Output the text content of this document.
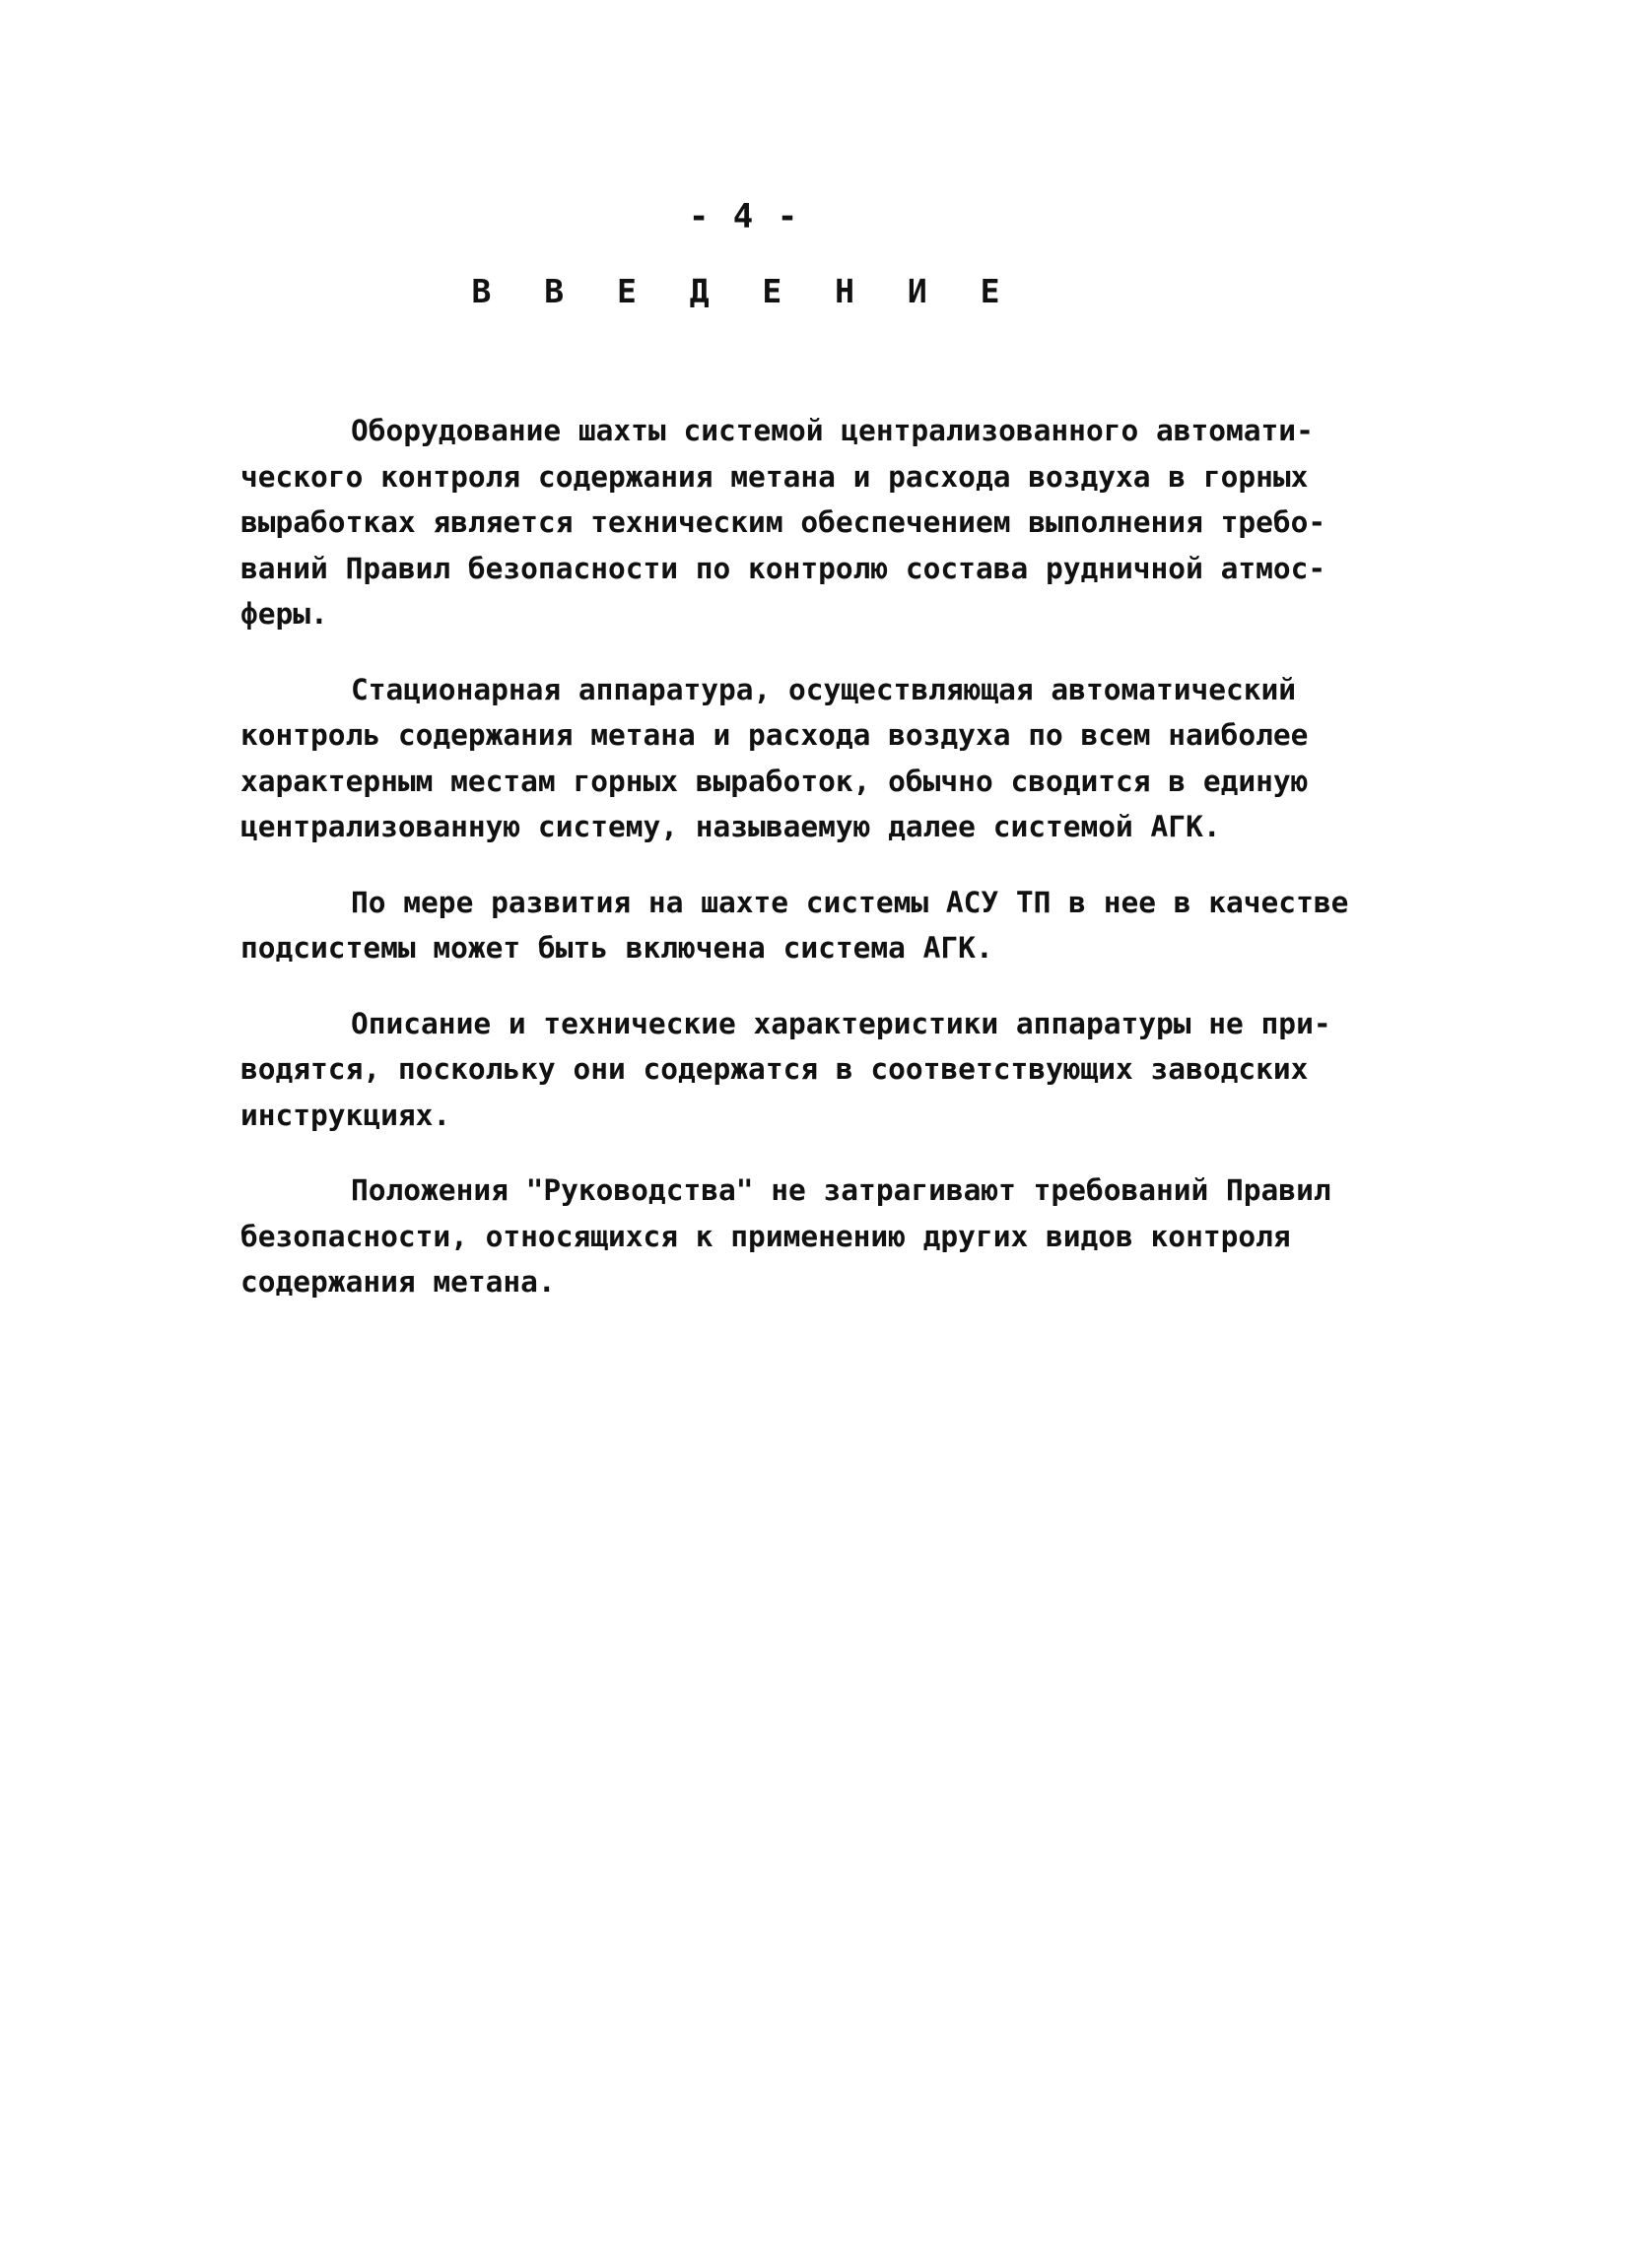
- 4 -
В В Е Д Е Н И Е

Оборудование шахты системой централизованного автомати-
ческого контроля содержания метана и расхода воздуха в горных
выработках является техническим обеспечением выполнения требо-
ваний Правил безопасности по контролю состава рудничной атмос-
феры.

Стационарная аппаратура, осуществляющая автоматический
контроль содержания метана и расхода воздуха по всем наиболее
характерным местам горных выработок, обычно сводится в единую
централизованную систему, называемую далее системой АГК.

По мере развития на шахте системы АСУ ТП в нее в качестве
подсистемы может быть включена система АГК.

Описание и технические характеристики аппаратуры не при-
водятся, поскольку они содержатся в соответствующих заводских
инструкциях.

Положения "Руководства" не затрагивают требований Правил
безопасности, относящихся к применению других видов контроля
содержания метана.
